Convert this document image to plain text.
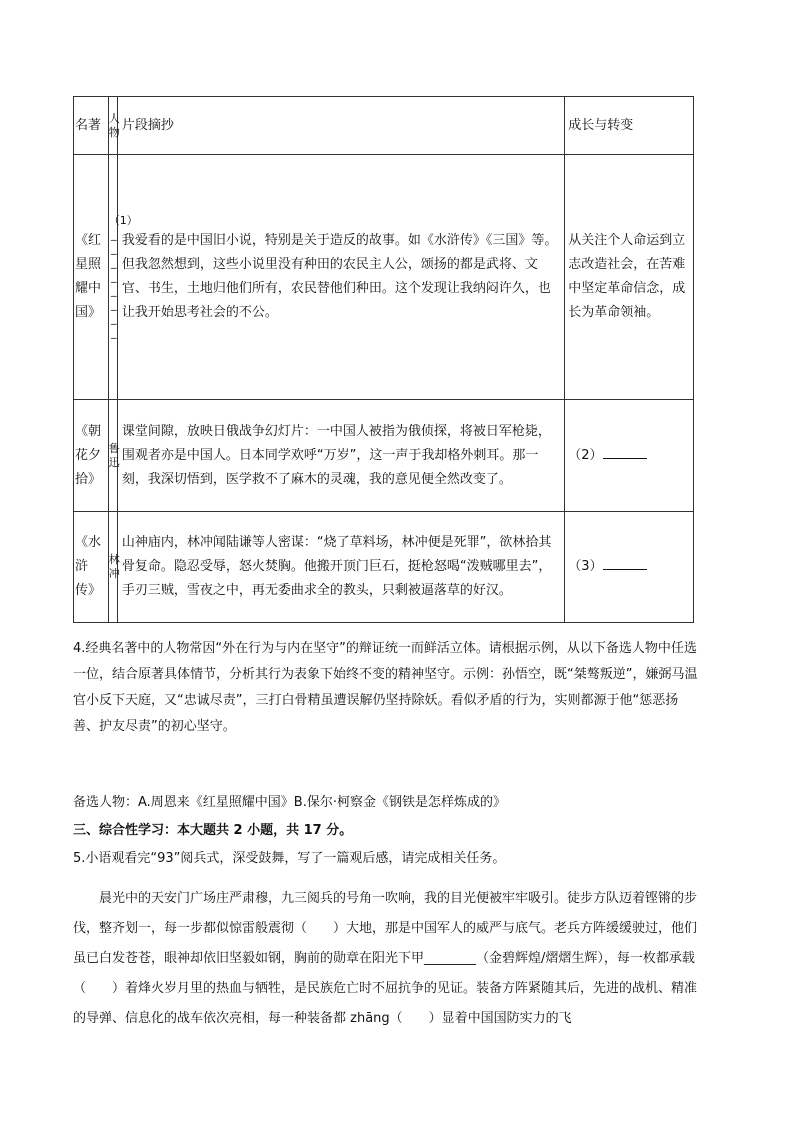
名著	人物	片段摘抄	成长与转变
《红星照耀中国》	（1）________	我爱看的是中国旧小说，特别是关于造反的故事。如《水浒传》《三国》等。但我忽然想到，这些小说里没有种田的农民主人公，颂扬的都是武将、文官、书生，土地归他们所有，农民替他们种田。这个发现让我纳闷许久，也让我开始思考社会的不公。	从关注个人命运到立志改造社会，在苦难中坚定革命信念，成长为革命领袖。
《朝花夕拾》	鲁迅	课堂间隙，放映日俄战争幻灯片：一中国人被指为俄侦探，将被日军枪毙，围观者亦是中国人。日本同学欢呼“万岁”，这一声于我却格外刺耳。那一刻，我深切悟到，医学救不了麻木的灵魂，我的意见便全然改变了。	（2）
《水浒传》	林冲	山神庙内，林冲闻陆谦等人密谋：“烧了草料场，林冲便是死罪”，欲林拾其骨复命。隐忍受辱，怒火焚胸。他搬开顶门巨石，挺枪怒喝“泼贼哪里去”，手刃三贼，雪夜之中，再无委曲求全的教头，只剩被逼落草的好汉。	（3）

4.经典名著中的人物常因“外在行为与内在坚守”的辩证统一而鲜活立体。请根据示例，从以下备选人物中任选一位，结合原著具体情节，分析其行为表象下始终不变的精神坚守。示例：孙悟空，既“桀骜叛逆”，嫌弼马温官小反下天庭，又“忠诚尽责”，三打白骨精虽遭误解仍坚持除妖。看似矛盾的行为，实则都源于他“惩恶扬善、护友尽责”的初心坚守。

备选人物：A.周恩来《红星照耀中国》B.保尔·柯察金《钢铁是怎样炼成的》

三、综合性学习：本大题共 2 小题，共 17 分。

5.小语观看完“93”阅兵式，深受鼓舞，写了一篇观后感，请完成相关任务。

晨光中的天安门广场庄严肃穆，九三阅兵的号角一吹响，我的目光便被牢牢吸引。徒步方队迈着铿锵的步伐，整齐划一，每一步都似惊雷般震彻（　　）大地，那是中国军人的威严与底气。老兵方阵缓缓驶过，他们虽已白发苍苍，眼神却依旧坚毅如钢，胸前的勋章在阳光下甲________（金碧辉煌/熠熠生辉），每一枚都承载（　　）着烽火岁月里的热血与牺牲，是民族危亡时不屈抗争的见证。装备方阵紧随其后，先进的战机、精准的导弹、信息化的战车依次亮相，每一种装备都 zhāng（　　）显着中国国防实力的飞
